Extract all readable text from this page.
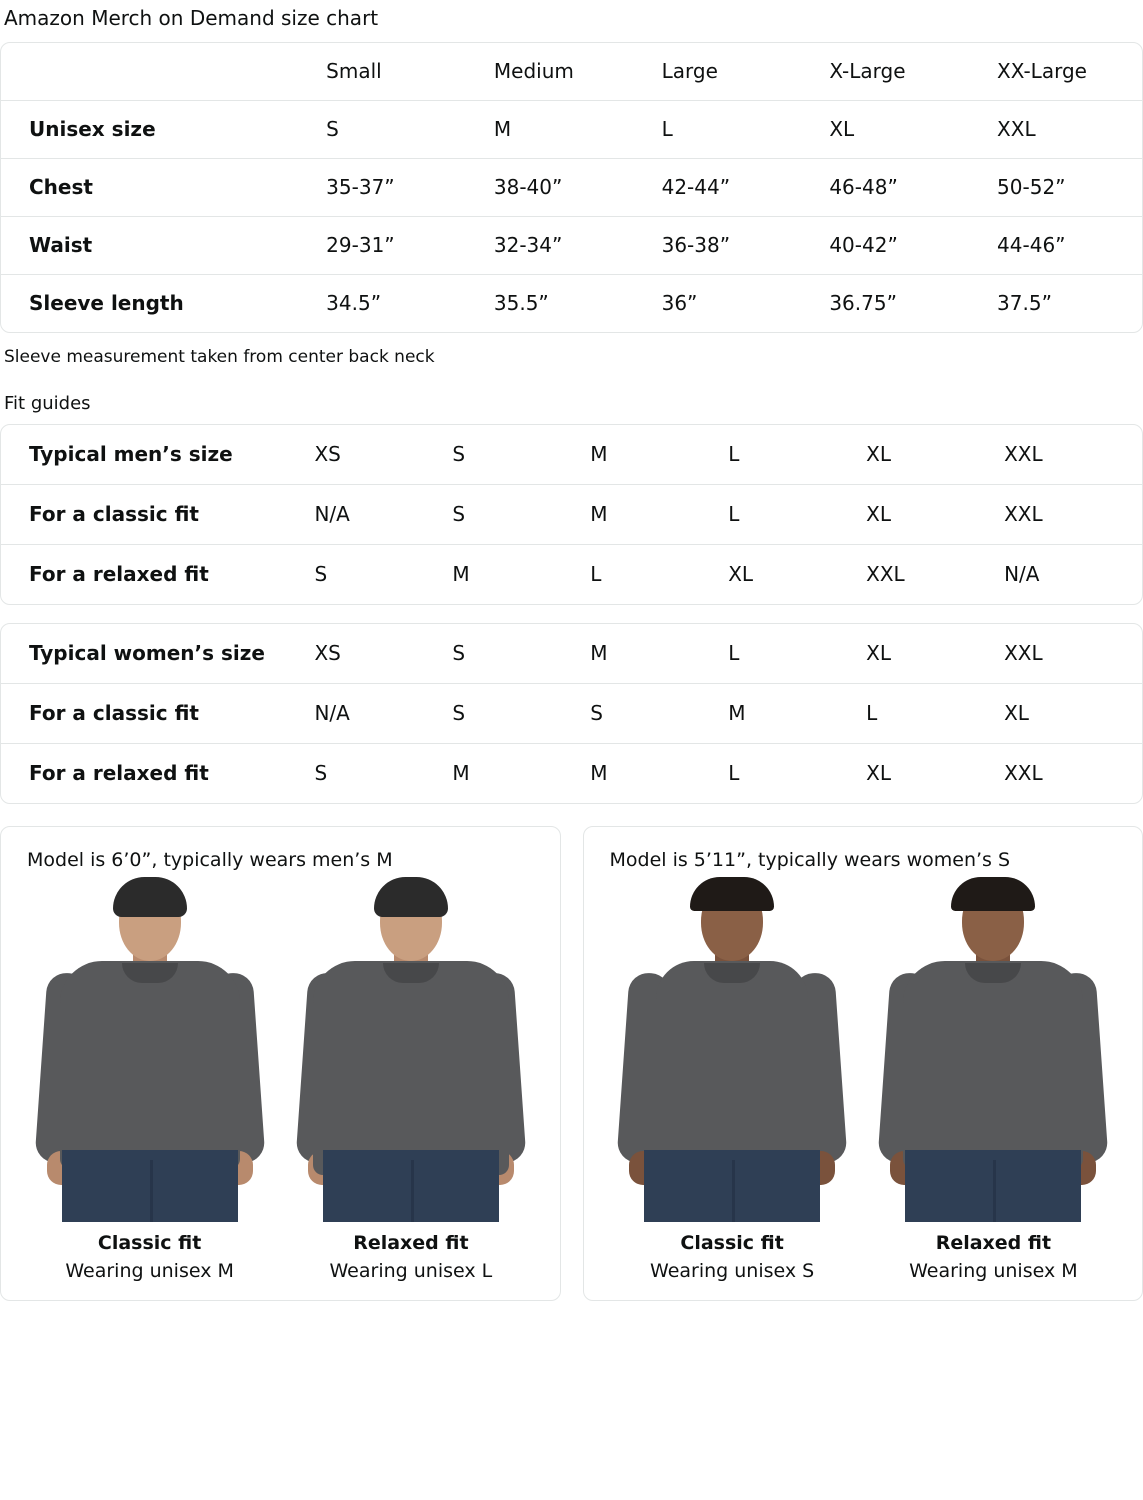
Amazon Merch on Demand size chart
	Small	Medium	Large	X-Large	XX-Large
Unisex size	S	M	L	XL	XXL
Chest	35-37”	38-40”	42-44”	46-48”	50-52”
Waist	29-31”	32-34”	36-38”	40-42”	44-46”
Sleeve length	34.5”	35.5”	36”	36.75”	37.5”
Sleeve measurement taken from center back neck
Fit guides
Typical men’s size	XS	S	M	L	XL	XXL
For a classic fit	N/A	S	M	L	XL	XXL
For a relaxed fit	S	M	L	XL	XXL	N/A
Typical women’s size	XS	S	M	L	XL	XXL
For a classic fit	N/A	S	S	M	L	XL
For a relaxed fit	S	M	M	L	XL	XXL
Model is 6’0”, typically wears men’s M
Classic fit
Wearing unisex M
Relaxed fit
Wearing unisex L
Model is 5’11”, typically wears women’s S
Classic fit
Wearing unisex S
Relaxed fit
Wearing unisex M
